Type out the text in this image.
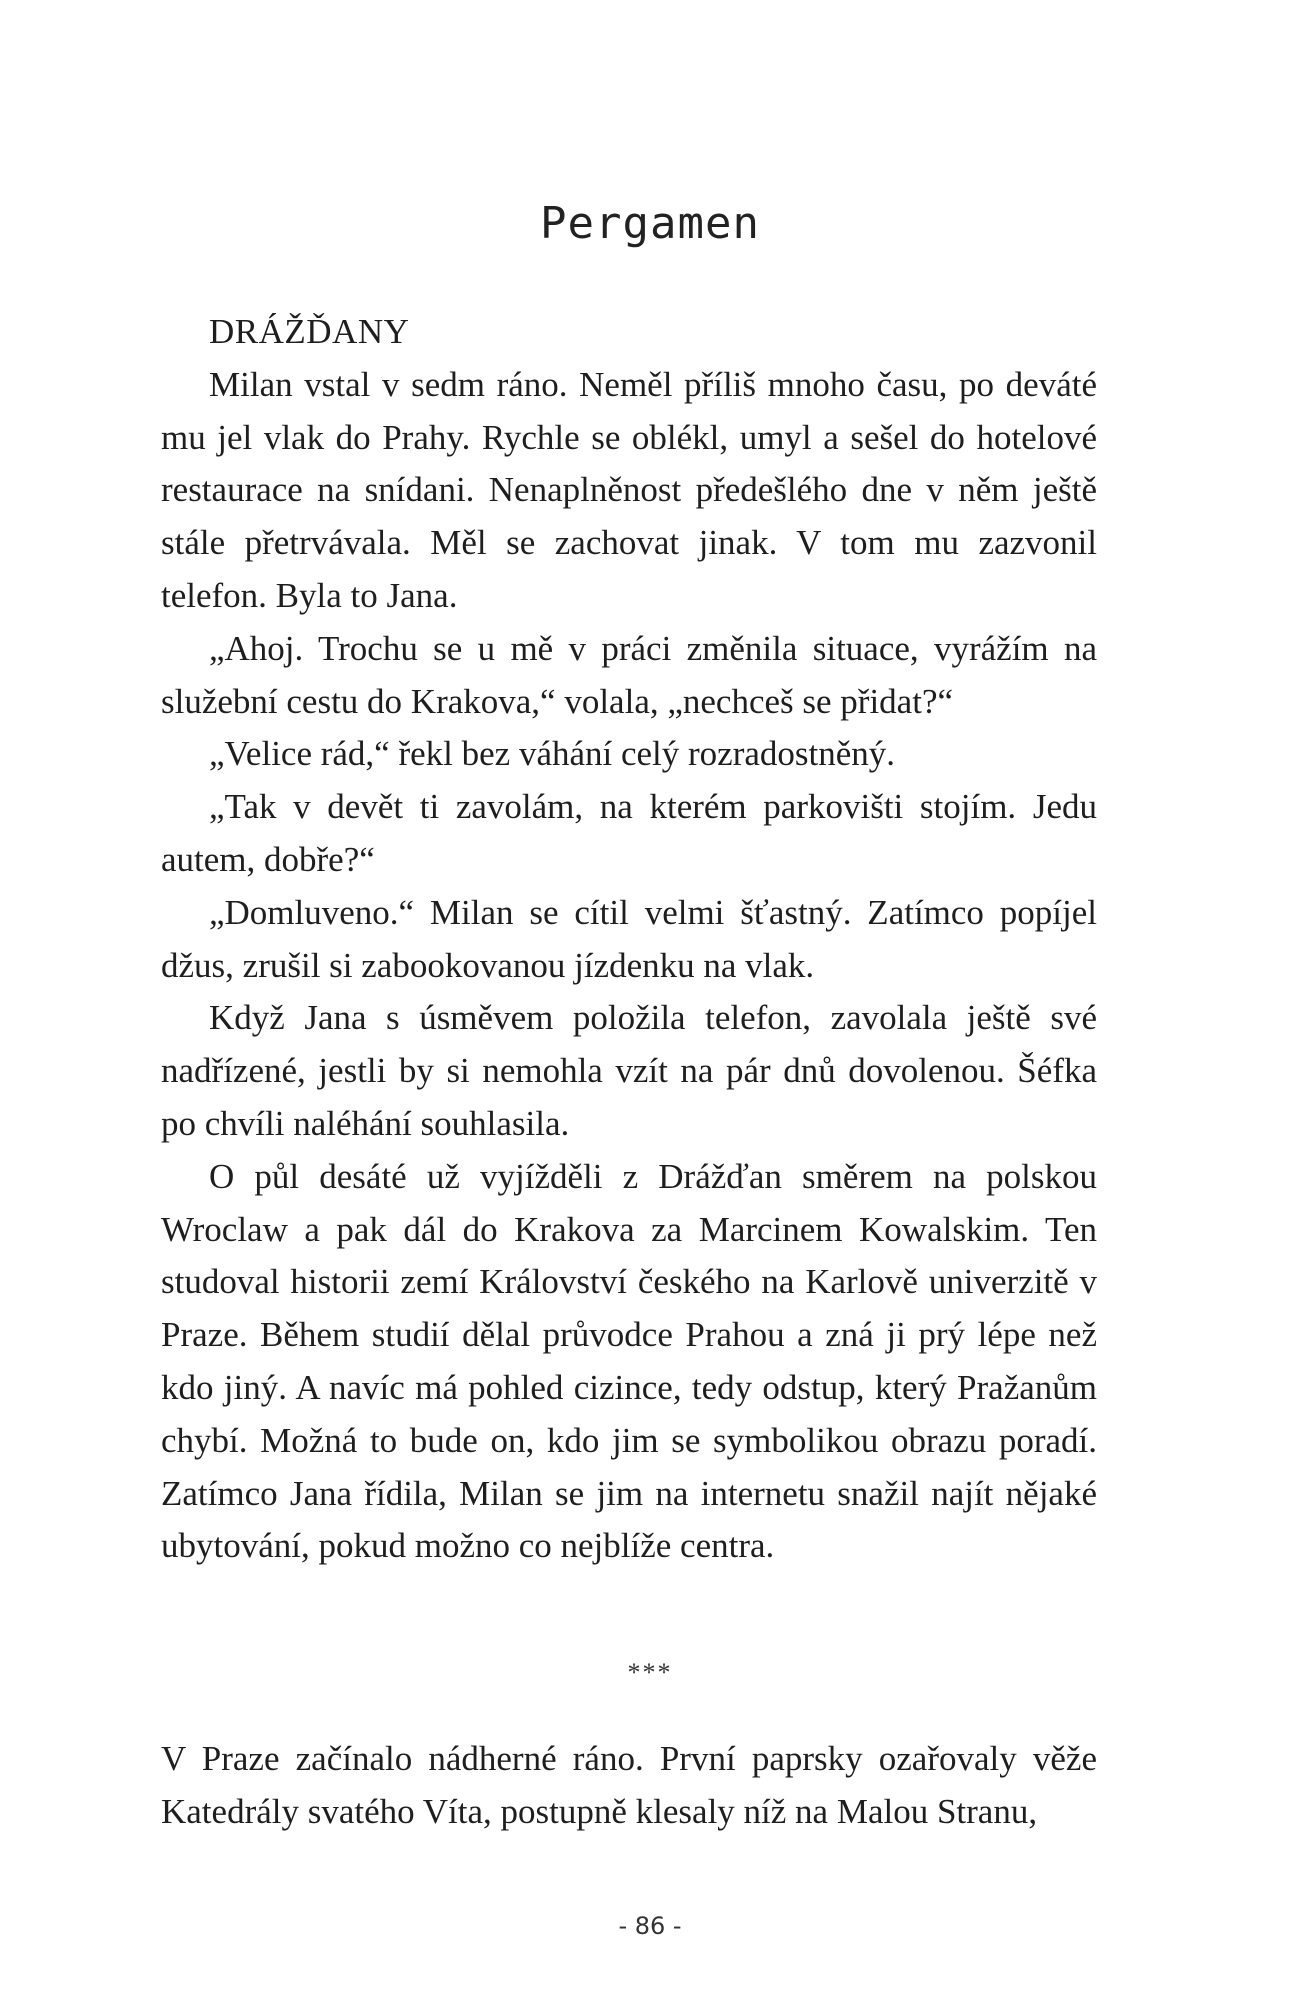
Pergamen

DRÁŽĎANY

Milan vstal v sedm ráno. Neměl příliš mnoho času, po deváté mu jel vlak do Prahy. Rychle se oblékl, umyl a sešel do hotelové restaurace na snídani. Nenaplněnost předešlého dne v něm ještě stále přetrvávala. Měl se zachovat jinak. V tom mu zazvonil telefon. Byla to Jana.

„Ahoj. Trochu se u mě v práci změnila situace, vyrážím na služební cestu do Krakova,“ volala, „nechceš se přidat?“

„Velice rád,“ řekl bez váhání celý rozradostněný.

„Tak v devět ti zavolám, na kterém parkovišti stojím. Jedu autem, dobře?“

„Domluveno.“ Milan se cítil velmi šťastný. Zatímco popíjel džus, zrušil si zabookovanou jízdenku na vlak.

Když Jana s úsměvem položila telefon, zavolala ještě své nadřízené, jestli by si nemohla vzít na pár dnů dovolenou. Šéfka po chvíli naléhání souhlasila.

O půl desáté už vyjížděli z Drážďan směrem na polskou Wroclaw a pak dál do Krakova za Marcinem Kowalskim. Ten studoval historii zemí Království českého na Karlově univerzitě v Praze. Během studií dělal průvodce Prahou a zná ji prý lépe než kdo jiný. A navíc má pohled cizince, tedy odstup, který Pražanům chybí. Možná to bude on, kdo jim se symbolikou obrazu poradí. Zatímco Jana řídila, Milan se jim na internetu snažil najít nějaké ubytování, pokud možno co nejblíže centra.

***

V Praze začínalo nádherné ráno. První paprsky ozařovaly věže Katedrály svatého Víta, postupně klesaly níž na Malou Stranu,

- 86 -
